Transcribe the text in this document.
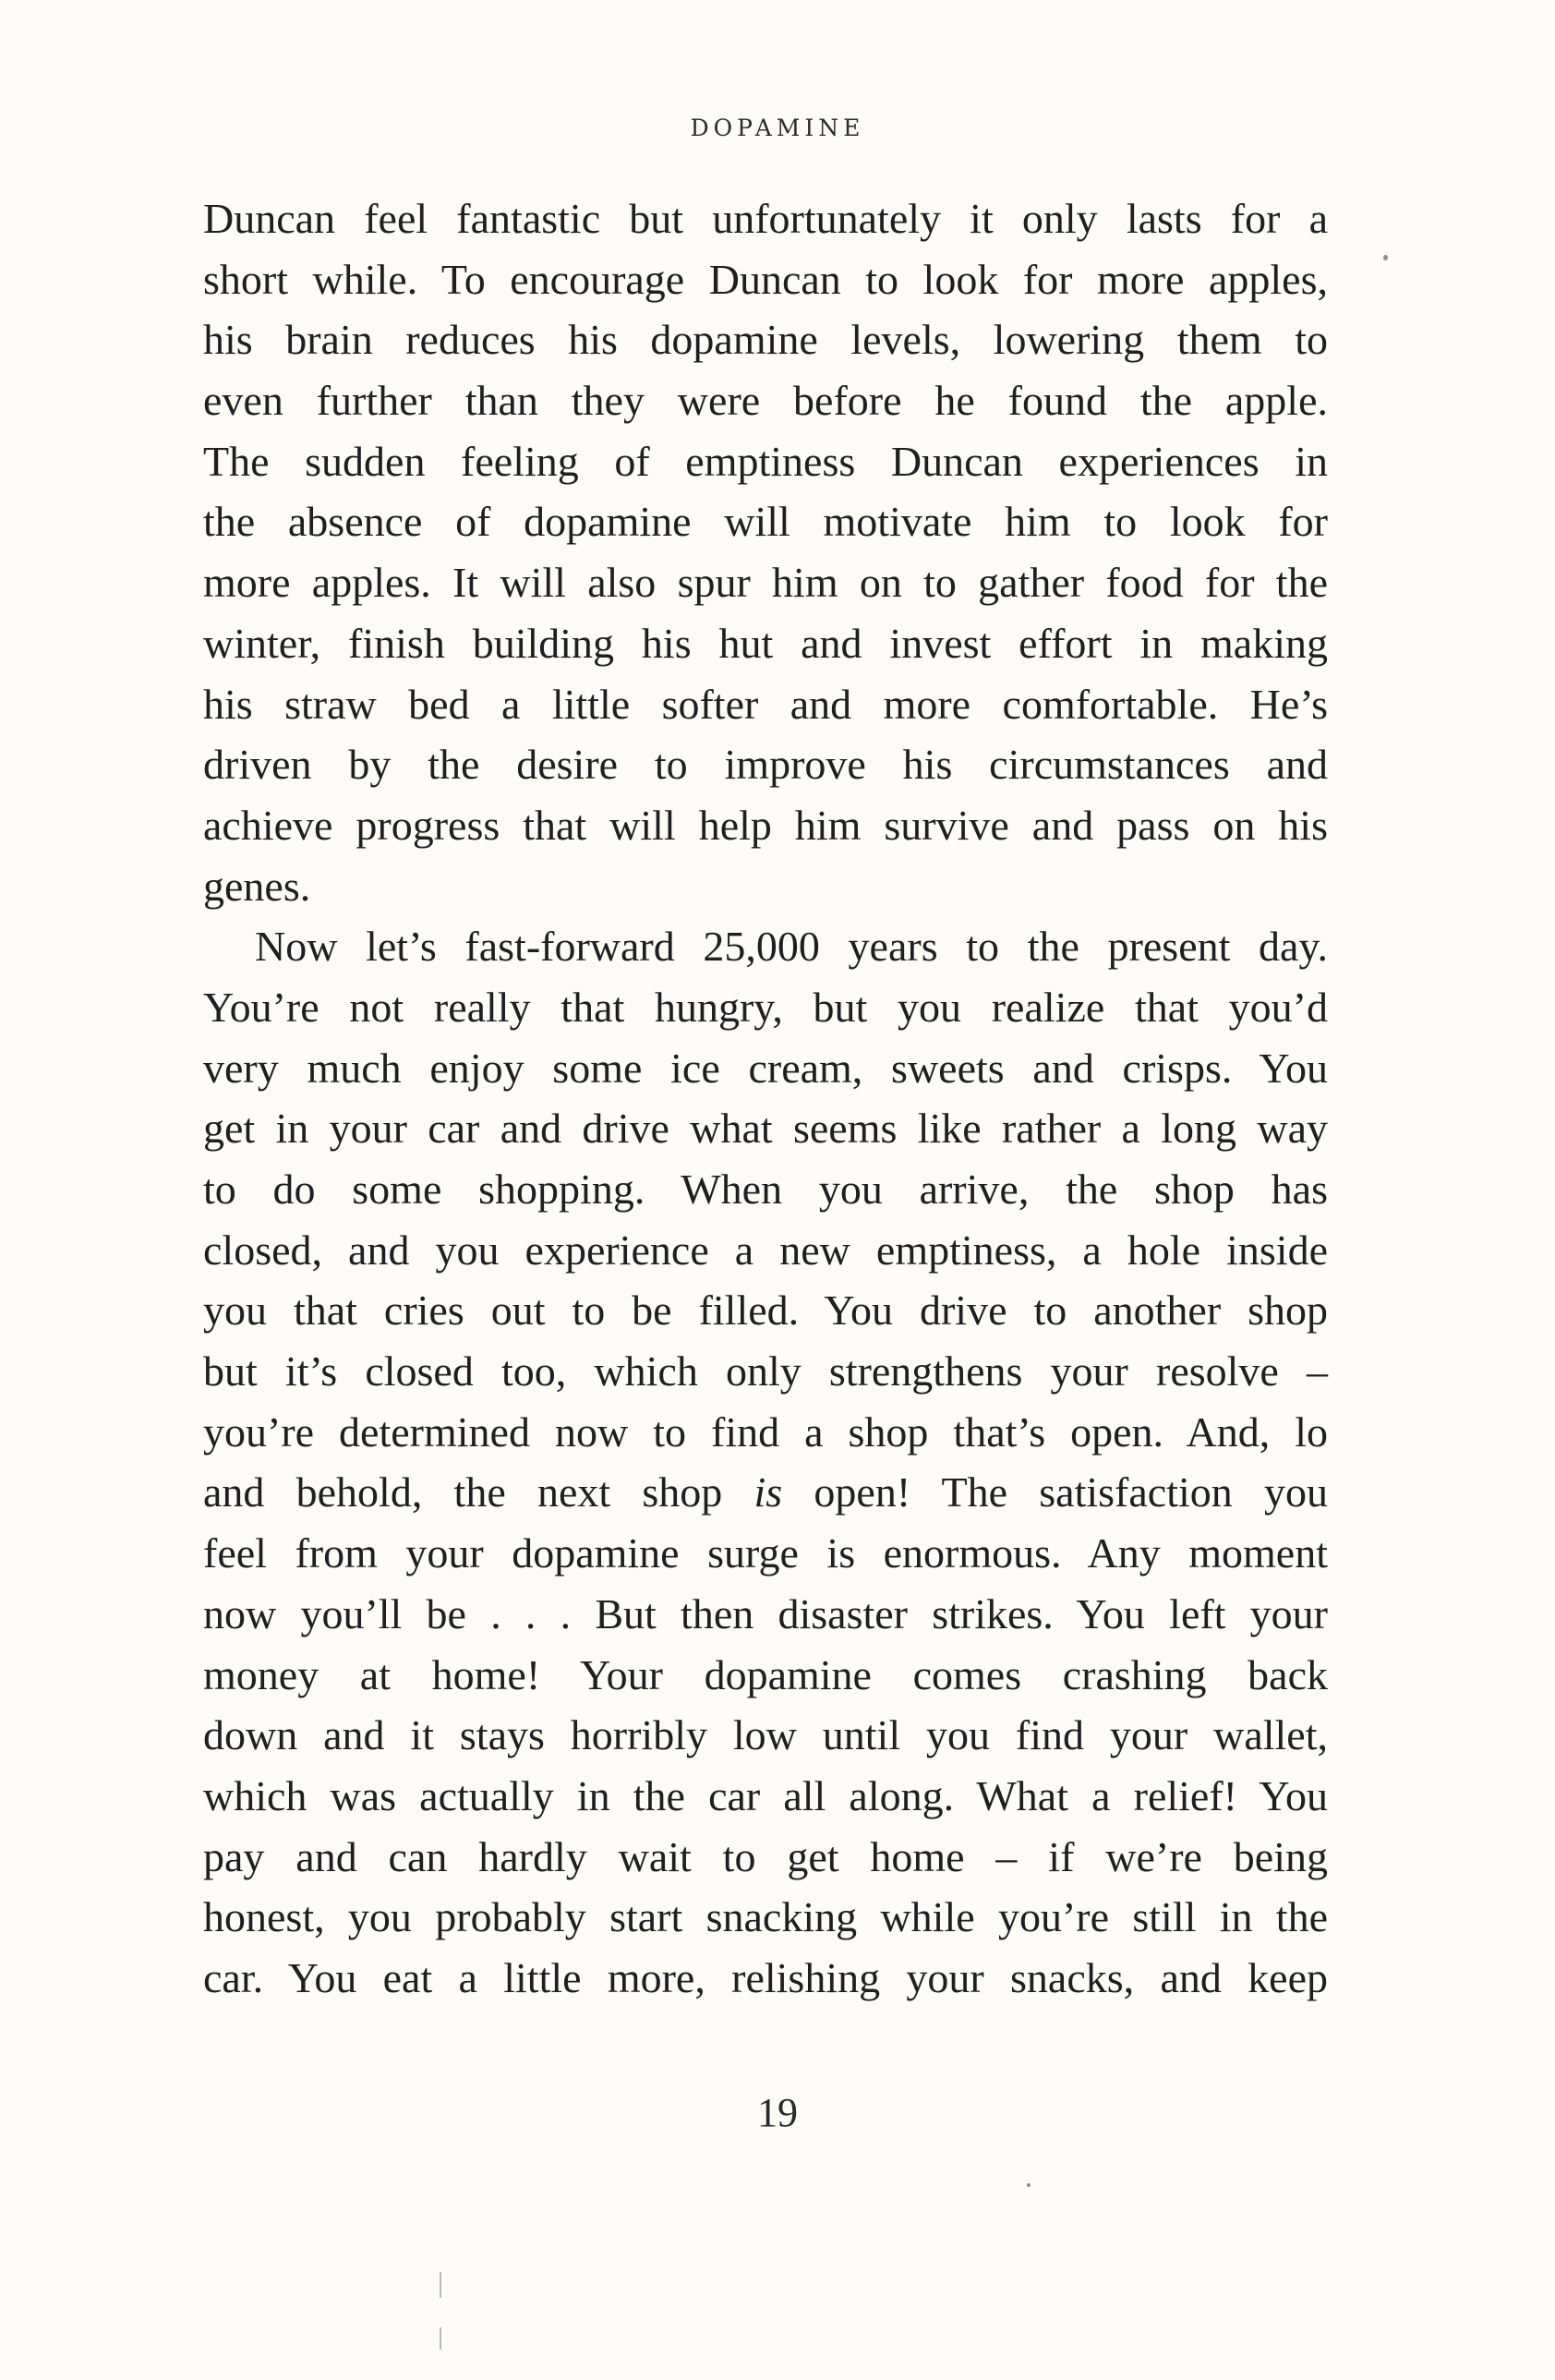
DOPAMINE
Duncan feel fantastic but unfortunately it only lasts for a
short while. To encourage Duncan to look for more apples,
his brain reduces his dopamine levels, lowering them to
even further than they were before he found the apple.
The sudden feeling of emptiness Duncan experiences in
the absence of dopamine will motivate him to look for
more apples. It will also spur him on to gather food for the
winter, finish building his hut and invest effort in making
his straw bed a little softer and more comfortable. He’s
driven by the desire to improve his circumstances and
achieve progress that will help him survive and pass on his
genes.
Now let’s fast-forward 25,000 years to the present day.
You’re not really that hungry, but you realize that you’d
very much enjoy some ice cream, sweets and crisps. You
get in your car and drive what seems like rather a long way
to do some shopping. When you arrive, the shop has
closed, and you experience a new emptiness, a hole inside
you that cries out to be filled. You drive to another shop
but it’s closed too, which only strengthens your resolve –
you’re determined now to find a shop that’s open. And, lo
and behold, the next shop is open! The satisfaction you
feel from your dopamine surge is enormous. Any moment
now you’ll be . . . But then disaster strikes. You left your
money at home! Your dopamine comes crashing back
down and it stays horribly low until you find your wallet,
which was actually in the car all along. What a relief! You
pay and can hardly wait to get home – if we’re being
honest, you probably start snacking while you’re still in the
car. You eat a little more, relishing your snacks, and keep
19
